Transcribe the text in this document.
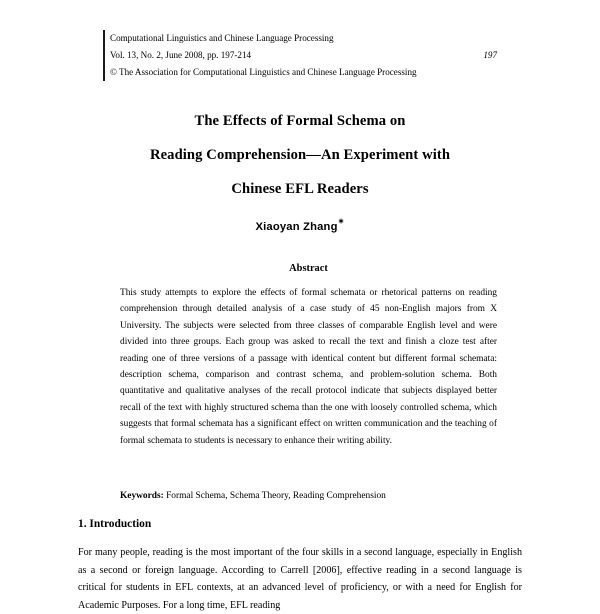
Computational Linguistics and Chinese Language Processing
Vol. 13, No. 2, June 2008, pp. 197-214	197
© The Association for Computational Linguistics and Chinese Language Processing
The Effects of Formal Schema on
Reading Comprehension—An Experiment with
Chinese EFL Readers
Xiaoyan Zhang∗
Abstract

This study attempts to explore the effects of formal schemata or rhetorical patterns on reading comprehension through detailed analysis of a case study of 45 non-English majors from X University. The subjects were selected from three classes of comparable English level and were divided into three groups. Each group was asked to recall the text and finish a cloze test after reading one of three versions of a passage with identical content but different formal schemata: description schema, comparison and contrast schema, and problem-solution schema. Both quantitative and qualitative analyses of the recall protocol indicate that subjects displayed better recall of the text with highly structured schema than the one with loosely controlled schema, which suggests that formal schemata has a significant effect on written communication and the teaching of formal schemata to students is necessary to enhance their writing ability.

Keywords: Formal Schema, Schema Theory, Reading Comprehension
1. Introduction

For many people, reading is the most important of the four skills in a second language, especially in English as a second or foreign language. According to Carrell [2006], effective reading in a second language is critical for students in EFL contexts, at an advanced level of proficiency, or with a need for English for Academic Purposes. For a long time, EFL reading
